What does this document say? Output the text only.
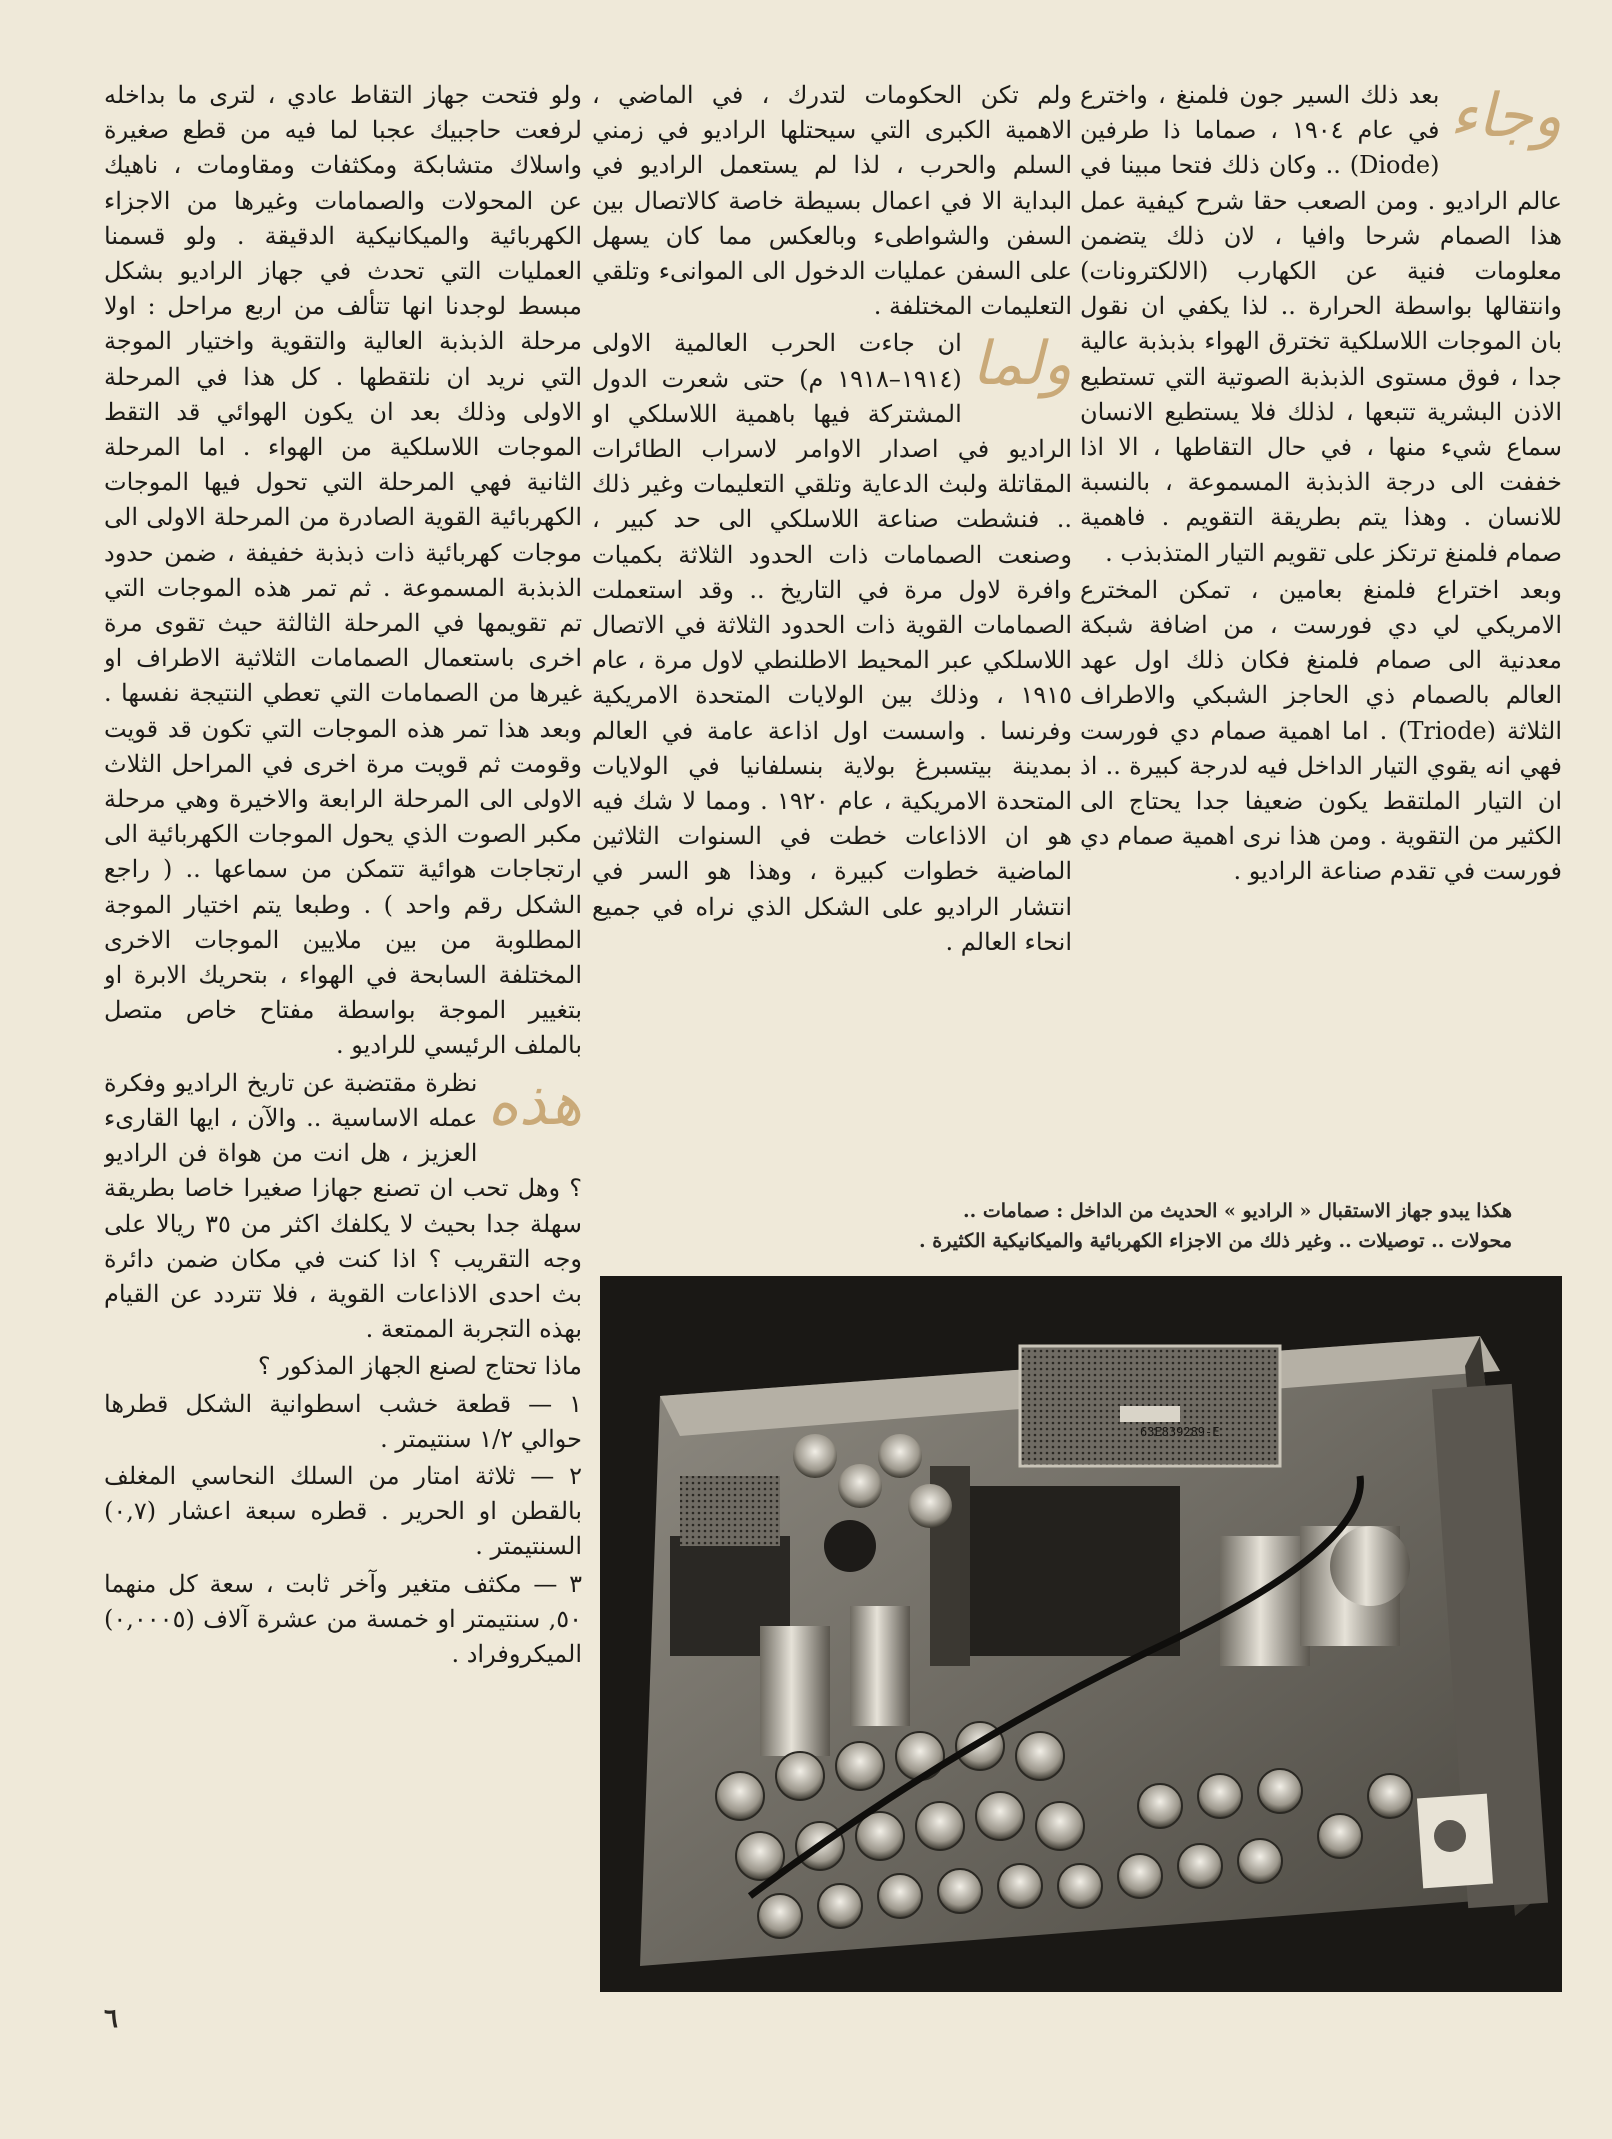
وجاء

بعد ذلك السير جون فلمنغ ، واخترع في عام ١٩٠٤ ، صماما ذا طرفين (Diode) .. وكان ذلك فتحا مبينا في عالم الراديو . ومن الصعب حقا شرح كيفية عمل هذا الصمام شرحا وافيا ، لان ذلك يتضمن معلومات فنية عن الكهارب (الالكترونات) وانتقالها بواسطة الحرارة .. لذا يكفي ان نقول بان الموجات اللاسلكية تخترق الهواء بذبذبة عالية جدا ، فوق مستوى الذبذبة الصوتية التي تستطيع الاذن البشرية تتبعها ، لذلك فلا يستطيع الانسان سماع شيء منها ، في حال التقاطها ، الا اذا خففت الى درجة الذبذبة المسموعة ، بالنسبة للانسان . وهذا يتم بطريقة التقويم . فاهمية صمام فلمنغ ترتكز على تقويم التيار المتذبذب .

وبعد اختراع فلمنغ بعامين ، تمكن المخترع الامريكي لي دي فورست ، من اضافة شبكة معدنية الى صمام فلمنغ فكان ذلك اول عهد العالم بالصمام ذي الحاجز الشبكي والاطراف الثلاثة (Triode) . اما اهمية صمام دي فورست فهي انه يقوي التيار الداخل فيه لدرجة كبيرة .. اذ ان التيار الملتقط يكون ضعيفا جدا يحتاج الى الكثير من التقوية . ومن هذا نرى اهمية صمام دي فورست في تقدم صناعة الراديو .

ولم تكن الحكومات لتدرك ، في الماضي ، الاهمية الكبرى التي سيحتلها الراديو في زمني السلم والحرب ، لذا لم يستعمل الراديو في البداية الا في اعمال بسيطة خاصة كالاتصال بين السفن والشواطىء وبالعكس مما كان يسهل على السفن عمليات الدخول الى الموانىء وتلقي التعليمات المختلفة .

ولما

ان جاءت الحرب العالمية الاولى (١٩١٤–١٩١٨ م) حتى شعرت الدول المشتركة فيها باهمية اللاسلكي او الراديو في اصدار الاوامر لاسراب الطائرات المقاتلة ولبث الدعاية وتلقي التعليمات وغير ذلك .. فنشطت صناعة اللاسلكي الى حد كبير ، وصنعت الصمامات ذات الحدود الثلاثة بكميات وافرة لاول مرة في التاريخ .. وقد استعملت الصمامات القوية ذات الحدود الثلاثة في الاتصال اللاسلكي عبر المحيط الاطلنطي لاول مرة ، عام ١٩١٥ ، وذلك بين الولايات المتحدة الامريكية وفرنسا . واسست اول اذاعة عامة في العالم بمدينة بيتسبرغ بولاية بنسلفانيا في الولايات المتحدة الامريكية ، عام ١٩٢٠ . ومما لا شك فيه هو ان الاذاعات خطت في السنوات الثلاثين الماضية خطوات كبيرة ، وهذا هو السر في انتشار الراديو على الشكل الذي نراه في جميع انحاء العالم .

ولو فتحت جهاز التقاط عادي ، لترى ما بداخله لرفعت حاجبيك عجبا لما فيه من قطع صغيرة واسلاك متشابكة ومكثفات ومقاومات ، ناهيك عن المحولات والصمامات وغيرها من الاجزاء الكهربائية والميكانيكية الدقيقة . ولو قسمنا العمليات التي تحدث في جهاز الراديو بشكل مبسط لوجدنا انها تتألف من اربع مراحل : اولا مرحلة الذبذبة العالية والتقوية واختيار الموجة التي نريد ان نلتقطها . كل هذا في المرحلة الاولى وذلك بعد ان يكون الهوائي قد التقط الموجات اللاسلكية من الهواء . اما المرحلة الثانية فهي المرحلة التي تحول فيها الموجات الكهربائية القوية الصادرة من المرحلة الاولى الى موجات كهربائية ذات ذبذبة خفيفة ، ضمن حدود الذبذبة المسموعة . ثم تمر هذه الموجات التي تم تقويمها في المرحلة الثالثة حيث تقوى مرة اخرى باستعمال الصمامات الثلاثية الاطراف او غيرها من الصمامات التي تعطي النتيجة نفسها . وبعد هذا تمر هذه الموجات التي تكون قد قويت وقومت ثم قويت مرة اخرى في المراحل الثلاث الاولى الى المرحلة الرابعة والاخيرة وهي مرحلة مكبر الصوت الذي يحول الموجات الكهربائية الى ارتجاجات هوائية تتمكن من سماعها .. ( راجع الشكل رقم واحد ) . وطبعا يتم اختيار الموجة المطلوبة من بين ملايين الموجات الاخرى المختلفة السابحة في الهواء ، بتحريك الابرة او بتغيير الموجة بواسطة مفتاح خاص متصل بالملف الرئيسي للراديو .

هذه

نظرة مقتضبة عن تاريخ الراديو وفكرة عمله الاساسية .. والآن ، ايها القارىء العزيز ، هل انت من هواة فن الراديو ؟ وهل تحب ان تصنع جهازا صغيرا خاصا بطريقة سهلة جدا بحيث لا يكلفك اكثر من ٣٥ ريالا على وجه التقريب ؟ اذا كنت في مكان ضمن دائرة بث احدى الاذاعات القوية ، فلا تتردد عن القيام بهذه التجربة الممتعة .

ماذا تحتاج لصنع الجهاز المذكور ؟

١ — قطعة خشب اسطوانية الشكل قطرها حوالي ١/٢ سنتيمتر .

٢ — ثلاثة امتار من السلك النحاسي المغلف بالقطن او الحرير . قطره سبعة اعشار (٠,٧) السنتيمتر .

٣ — مكثف متغير وآخر ثابت ، سعة كل منهما ٥٠, سنتيمتر او خمسة من عشرة آلاف (٠,٠٠٠٥) الميكروفراد .

هكذا يبدو جهاز الاستقبال « الراديو » الحديث من الداخل : صمامات ..
محولات .. توصيلات .. وغير ذلك من الاجزاء الكهربائية والميكانيكية الكثيرة .
63E839289-E
٦
